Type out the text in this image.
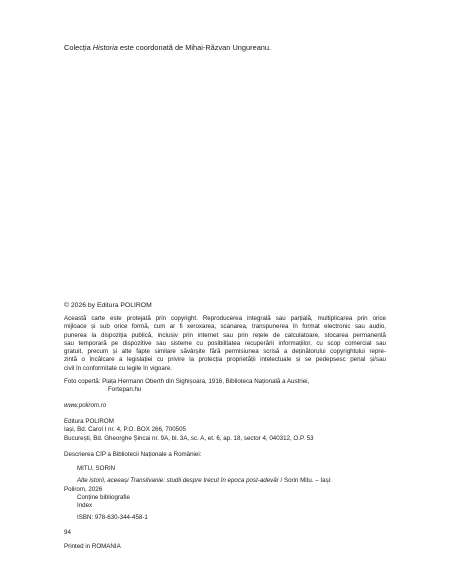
Colecția Historia este coordonată de Mihai-Răzvan Ungureanu.
© 2026 by Editura POLIROM
Această carte este protejată prin copyright. Reproducerea integrală sau parțială, multiplicarea prin orice
mijloace și sub orice formă, cum ar fi xeroxarea, scanarea, transpunerea în format electronic sau audio,
punerea la dispoziția publică, inclusiv prin internet sau prin rețele de calculatoare, stocarea permanentă
sau temporară pe dispozitive sau sisteme cu posibilitatea recuperării informațiilor, cu scop comercial sau
gratuit, precum și alte fapte similare săvârșite fără permisiunea scrisă a deținătorului copyrightului repre-
zintă o încălcare a legislației cu privire la protecția proprietății intelectuale și se pedepsesc penal și/sau
civil în conformitate cu legile în vigoare.
Foto copertă: Piața Hermann Oberth din Sighișoara, 1916, Biblioteca Națională a Austriei,
Fortepan.hu
www.polirom.ro
Editura POLIROM
Iași, Bd. Carol I nr. 4, P.O. BOX 266, 700505
București, Bd. Gheorghe Șincai nr. 9A, bl. 3A, sc. A, et. 6, ap. 18, sector 4, 040312, O.P. 53
Descrierea CIP a Bibliotecii Naționale a României:
MITU, SORIN
Alte istorii, aceeași Transilvanie: studii despre trecut în epoca post-adevăr / Sorin Mitu. – Iași:
Polirom, 2026
Conține bibliografie
Index
ISBN: 978-630-344-458-1
94
Printed in ROMANIA
